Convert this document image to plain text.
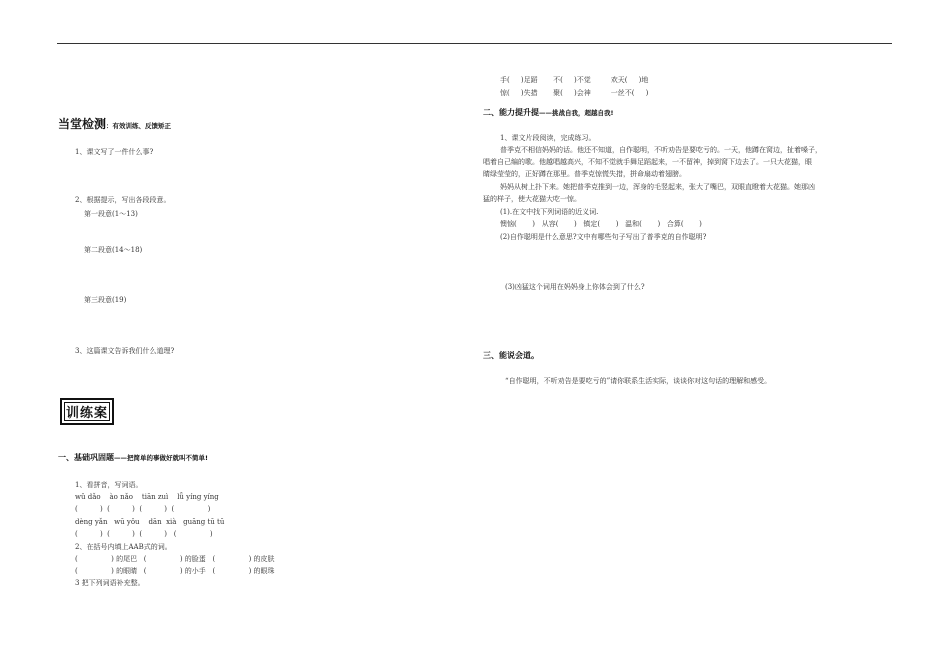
当堂检测：有效训练、反馈矫正
1、课文写了一件什么事?
2、根据提示，写出各段段意。
第一段意(1～13)
第二段意(14～18)
第三段意(19)
3、这篇课文告诉我们什么道理?
训练案
一、基础巩固题——把简单的事做好就叫不简单!
1、看拼音，写词语。
wǔ dǎo    ào nǎo    tiān zuì    lǚ yíng yíng
(          )  (          )  (          )  (               )
dèng yǎn   wū yǒu    dān  xià   guāng tū tū
(          )  (          )  (          )   (               )
2、在括号内填上AAB式的词。
(               ) 的尾巴   (               ) 的脸蛋   (               ) 的皮肤
(               ) 的眼睛   (               ) 的小手   (               ) 的眼珠
3 把下列词语补充整。
手(     )足蹈       不(     )不觉         欢天(     )地
惊(     )失措       聚(     )会神         一丝不(     )
二、能力提升提——挑战自我，超越自我!
1、课文片段阅读，完成练习。
普季克不相信妈妈的话。他还不知道，自作聪明，不听劝告是要吃亏的。一天，他蹲在窝边，扯着嗓子，
唱着自己编的歌。他越唱越高兴，不知不觉就手舞足蹈起来，一不留神，掉到窝下边去了。一只大花猫，眼
睛绿莹莹的，正好蹲在那里。普季克惊慌失措，拼命扇动着翅膀。
妈妈从树上扑下来。她把普季克推到一边，浑身的毛竖起来，张大了嘴巴，双眼直瞪着大花猫。她那凶
猛的样子，使大花猫大吃一惊。
(1).在文中找下列词语的近义词.
懊恼(       )   从容(       )   镇定(       )   温和(       )   合算(       )
(2)自作聪明是什么意思?文中有哪些句子写出了普季克的自作聪明?
(3)凶猛这个词用在妈妈身上你体会到了什么?
三、能说会道。
“自作聪明，不听劝告是要吃亏的”请你联系生活实际，谈谈你对这句话的理解和感受。
